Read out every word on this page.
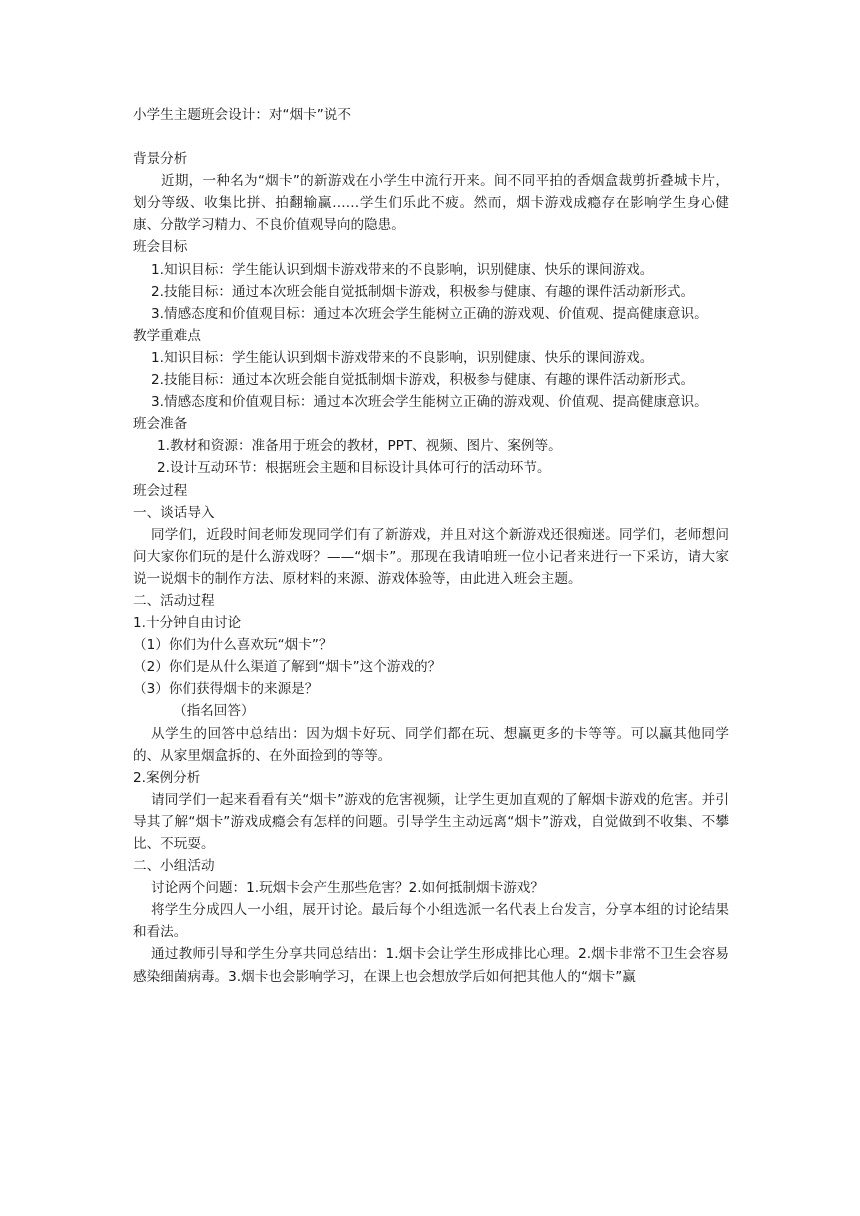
小学生主题班会设计：对“烟卡”说不
背景分析

近期，一种名为“烟卡”的新游戏在小学生中流行开来。间不同平拍的香烟盒裁剪折叠城卡片，划分等级、收集比拼、拍翻输赢……学生们乐此不疲。然而，烟卡游戏成瘾存在影响学生身心健康、分散学习精力、不良价值观导向的隐患。

班会目标

1.知识目标：学生能认识到烟卡游戏带来的不良影响，识别健康、快乐的课间游戏。

2.技能目标：通过本次班会能自觉抵制烟卡游戏，积极参与健康、有趣的课件活动新形式。

3.情感态度和价值观目标：通过本次班会学生能树立正确的游戏观、价值观、提高健康意识。

教学重难点

1.知识目标：学生能认识到烟卡游戏带来的不良影响，识别健康、快乐的课间游戏。

2.技能目标：通过本次班会能自觉抵制烟卡游戏，积极参与健康、有趣的课件活动新形式。

3.情感态度和价值观目标：通过本次班会学生能树立正确的游戏观、价值观、提高健康意识。

班会准备

1.教材和资源：准备用于班会的教材，PPT、视频、图片、案例等。

2.设计互动环节：根据班会主题和目标设计具体可行的活动环节。

班会过程
一、谈话导入

同学们，近段时间老师发现同学们有了新游戏，并且对这个新游戏还很痴迷。同学们，老师想问问大家你们玩的是什么游戏呀？——“烟卡”。那现在我请咱班一位小记者来进行一下采访，请大家说一说烟卡的制作方法、原材料的来源、游戏体验等，由此进入班会主题。

二、活动过程
1.十分钟自由讨论
（1）你们为什么喜欢玩“烟卡”？
（2）你们是从什么渠道了解到“烟卡”这个游戏的？
（3）你们获得烟卡的来源是？
（指名回答）

从学生的回答中总结出：因为烟卡好玩、同学们都在玩、想赢更多的卡等等。可以赢其他同学的、从家里烟盒拆的、在外面捡到的等等。

2.案例分析

请同学们一起来看看有关“烟卡”游戏的危害视频，让学生更加直观的了解烟卡游戏的危害。并引导其了解“烟卡”游戏成瘾会有怎样的问题。引导学生主动远离“烟卡”游戏，自觉做到不收集、不攀比、不玩耍。

二、小组活动

讨论两个问题：1.玩烟卡会产生那些危害？2.如何抵制烟卡游戏？

将学生分成四人一小组，展开讨论。最后每个小组选派一名代表上台发言，分享本组的讨论结果和看法。

通过教师引导和学生分享共同总结出：1.烟卡会让学生形成排比心理。2.烟卡非常不卫生会容易感染细菌病毒。3.烟卡也会影响学习，在课上也会想放学后如何把其他人的“烟卡”赢
